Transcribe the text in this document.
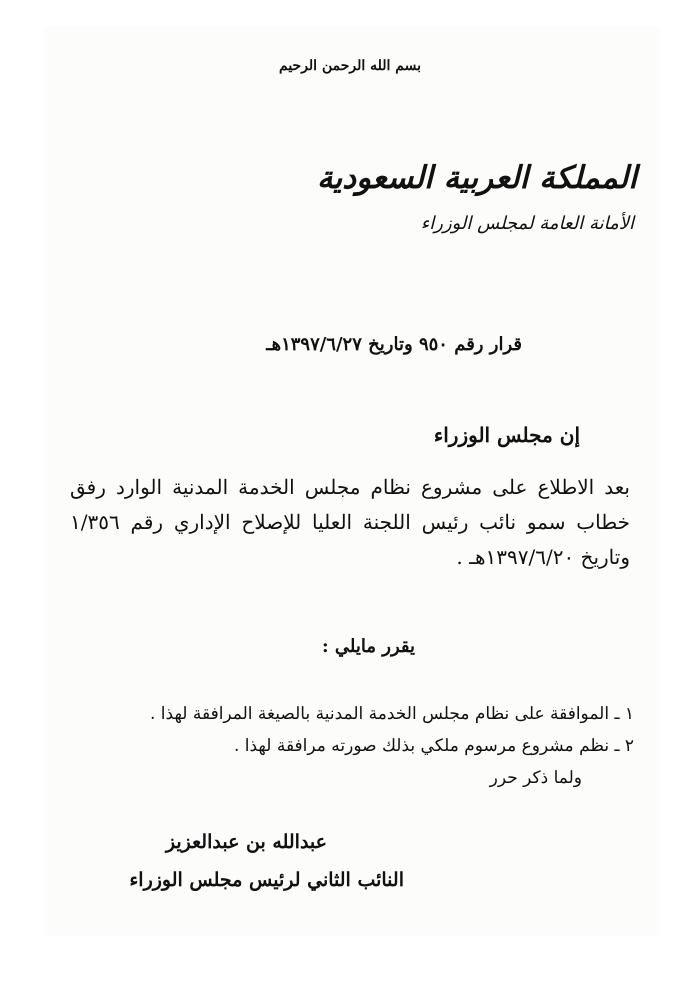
بسم الله الرحمن الرحيم
المملكة العربية السعودية
الأمانة العامة لمجلس الوزراء
قرار رقم ٩٥٠ وتاريخ ١٣٩٧/٦/٢٧هـ
إن مجلس الوزراء
بعد الاطلاع على مشروع نظام مجلس الخدمة المدنية الوارد رفق خطاب سمو نائب رئيس اللجنة العليا للإصلاح الإداري رقم ١/٣٥٦ وتاريخ ١٣٩٧/٦/٢٠هـ .
يقرر مايلي :
١ ـ الموافقة على نظام مجلس الخدمة المدنية بالصيغة المرافقة لهذا .
٢ ـ نظم مشروع مرسوم ملكي بذلك صورته مرافقة لهذا .
ولما ذكر حرر
عبدالله بن عبدالعزيز
النائب الثاني لرئيس مجلس الوزراء
